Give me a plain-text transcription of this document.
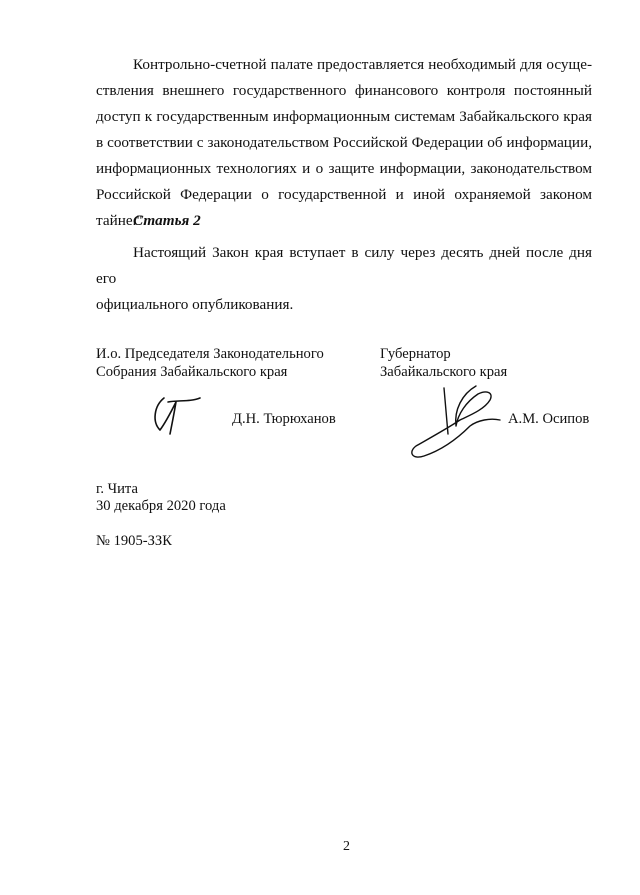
Контрольно-счетной палате предоставляется необходимый для осуще-
ствления внешнего государственного финансового контроля постоянный
доступ к государственным информационным системам Забайкальского края
в соответствии с законодательством Российской Федерации об информации,
информационных технологиях и о защите информации, законодательством
Российской Федерации о государственной и иной охраняемой законом тайне.".
Статья 2
Настоящий Закон края вступает в силу через десять дней после дня его
официального опубликования.
И.о. Председателя Законодательного
Собрания Забайкальского края
Губернатор
Забайкальского края
Д.Н. Тюрюханов	А.М. Осипов
г. Чита
30 декабря 2020 года
№ 1905-ЗЗК
2
